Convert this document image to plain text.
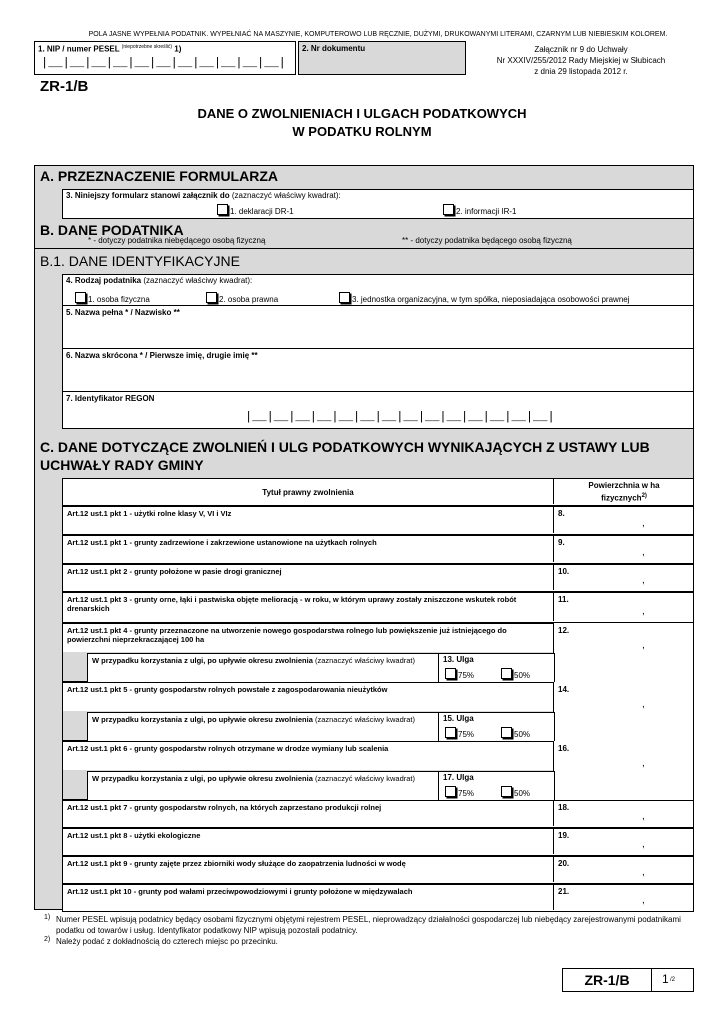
POLA JASNE WYPEŁNIA PODATNIK. WYPEŁNIAĆ NA MASZYNIE, KOMPUTEROWO LUB RĘCZNIE, DUŻYMI, DRUKOWANYMI LITERAMI, CZARNYM LUB NIEBIESKIM KOLOREM.
1. NIP / numer PESEL $^{(niepotrzebne skreślić)}$ 1)
|__|__|__|__|__|__|__|__|__|__|__|
2. Nr dokumentu	Załącznik nr 9 do Uchwały
Nr XXXIV/255/2012 Rady Miejskiej w Słubicach
z dnia 29 listopada 2012 r.
ZR-1/B
DANE O ZWOLNIENIACH I ULGACH PODATKOWYCH
W PODATKU ROLNYM
A. PRZEZNACZENIE FORMULARZA
3. Niniejszy formularz stanowi załącznik do (zaznaczyć właściwy kwadrat):
1. deklaracji DR-1	2. informacji IR-1
B. DANE PODATNIKA
* - dotyczy podatnika niebędącego osobą fizyczną	** - dotyczy podatnika będącego osobą fizyczną
B.1. DANE IDENTYFIKACYJNE
4. Rodzaj podatnika (zaznaczyć właściwy kwadrat):
1. osoba fizyczna	2. osoba prawna	3. jednostka organizacyjna, w tym spółka, nieposiadająca osobowości prawnej
5. Nazwa pełna * / Nazwisko **
6. Nazwa skrócona * / Pierwsze imię, drugie imię **
7. Identyfikator REGON
|__|__|__|__|__|__|__|__|__|__|__|__|__|__|
C. DANE DOTYCZĄCE ZWOLNIEŃ I ULG PODATKOWYCH WYNIKAJĄCYCH Z USTAWY LUB
UCHWAŁY RADY GMINY
Tytuł prawny zwolnienia
Powierzchnia w ha
fizycznych$^{2)}$
Art.12 ust.1 pkt 1 - użytki rolne klasy V, VI i VIz	8.
,
Art.12 ust.1 pkt 1 - grunty zadrzewione i zakrzewione ustanowione na użytkach rolnych	9.
,
Art.12 ust.1 pkt 2 - grunty położone w pasie drogi granicznej	10.
,
Art.12 ust.1 pkt 3 - grunty orne, łąki i pastwiska objęte melioracją - w roku, w którym uprawy zostały zniszczone wskutek robót drenarskich
11.
,
Art.12 ust.1 pkt 4 - grunty przeznaczone na utworzenie nowego gospodarstwa rolnego lub powiększenie już istniejącego do powierzchni nieprzekraczającej 100 ha
12.
,
W przypadku korzystania z ulgi, po upływie okresu zwolnienia (zaznaczyć właściwy kwadrat)	13. Ulga
75%	50%
Art.12 ust.1 pkt 5 - grunty gospodarstw rolnych powstałe z zagospodarowania nieużytków	14.
,
W przypadku korzystania z ulgi, po upływie okresu zwolnienia (zaznaczyć właściwy kwadrat)	15. Ulga
75%	50%
Art.12 ust.1 pkt 6 - grunty gospodarstw rolnych otrzymane w drodze wymiany lub scalenia	16.
,
W przypadku korzystania z ulgi, po upływie okresu zwolnienia (zaznaczyć właściwy kwadrat)	17. Ulga
75%	50%
Art.12 ust.1 pkt 7 - grunty gospodarstw rolnych, na których zaprzestano produkcji rolnej	18.
,
Art.12 ust.1 pkt 8 - użytki ekologiczne	19.
,
Art.12 ust.1 pkt 9 - grunty zajęte przez zbiorniki wody służące do zaopatrzenia ludności w wodę	20.
,
Art.12 ust.1 pkt 10 - grunty pod wałami przeciwpowodziowymi i grunty położone w międzywalach	21.
,
1) Numer PESEL wpisują podatnicy będący osobami fizycznymi objętymi rejestrem PESEL, nieprowadzący działalności gospodarczej lub niebędący zarejestrowanymi podatnikami podatku od towarów i usług. Identyfikator podatkowy NIP wpisują pozostali podatnicy.
2) Należy podać z dokładnością do czterech miejsc po przecinku.
ZR-1/B	1 /2
